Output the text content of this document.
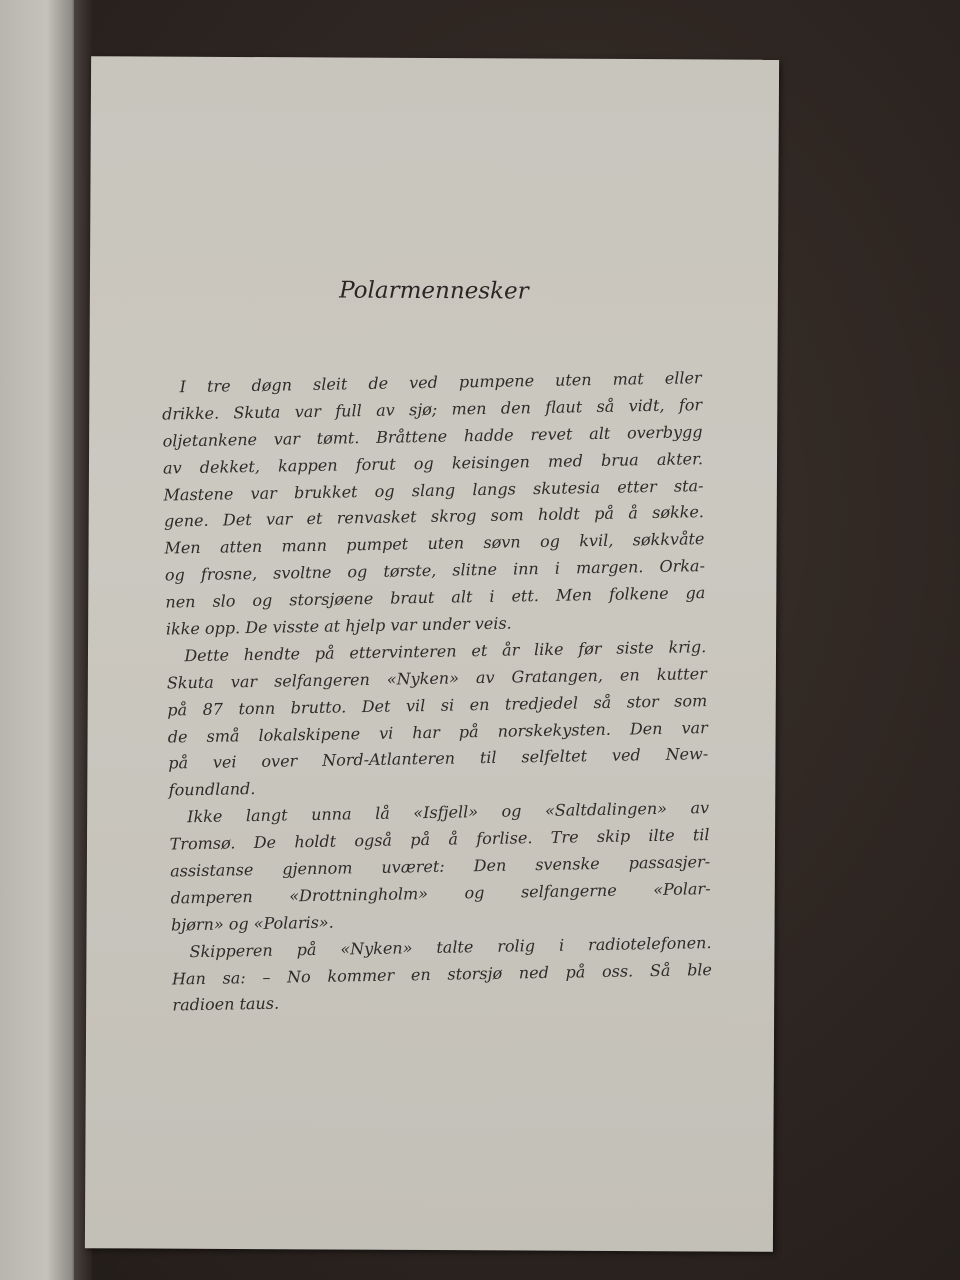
Polarmennesker
I tre døgn sleit de ved pumpene uten mat eller
drikke. Skuta var full av sjø; men den flaut så vidt, for
oljetankene var tømt. Bråttene hadde revet alt overbygg
av dekket, kappen forut og keisingen med brua akter.
Mastene var brukket og slang langs skutesia etter sta-
gene. Det var et renvasket skrog som holdt på å søkke.
Men atten mann pumpet uten søvn og kvil, søkkvåte
og frosne, svoltne og tørste, slitne inn i margen. Orka-
nen slo og storsjøene braut alt i ett. Men folkene ga
ikke opp. De visste at hjelp var under veis.
Dette hendte på ettervinteren et år like før siste krig.
Skuta var selfangeren «Nyken» av Gratangen, en kutter
på 87 tonn brutto. Det vil si en tredjedel så stor som
de små lokalskipene vi har på norskekysten. Den var
på vei over Nord-Atlanteren til selfeltet ved New-
foundland.
Ikke langt unna lå «Isfjell» og «Saltdalingen» av
Tromsø. De holdt også på å forlise. Tre skip ilte til
assistanse gjennom uværet: Den svenske passasjer-
damperen «Drottningholm» og selfangerne «Polar-
bjørn» og «Polaris».
Skipperen på «Nyken» talte rolig i radiotelefonen.
Han sa: – No kommer en storsjø ned på oss. Så ble
radioen taus.
